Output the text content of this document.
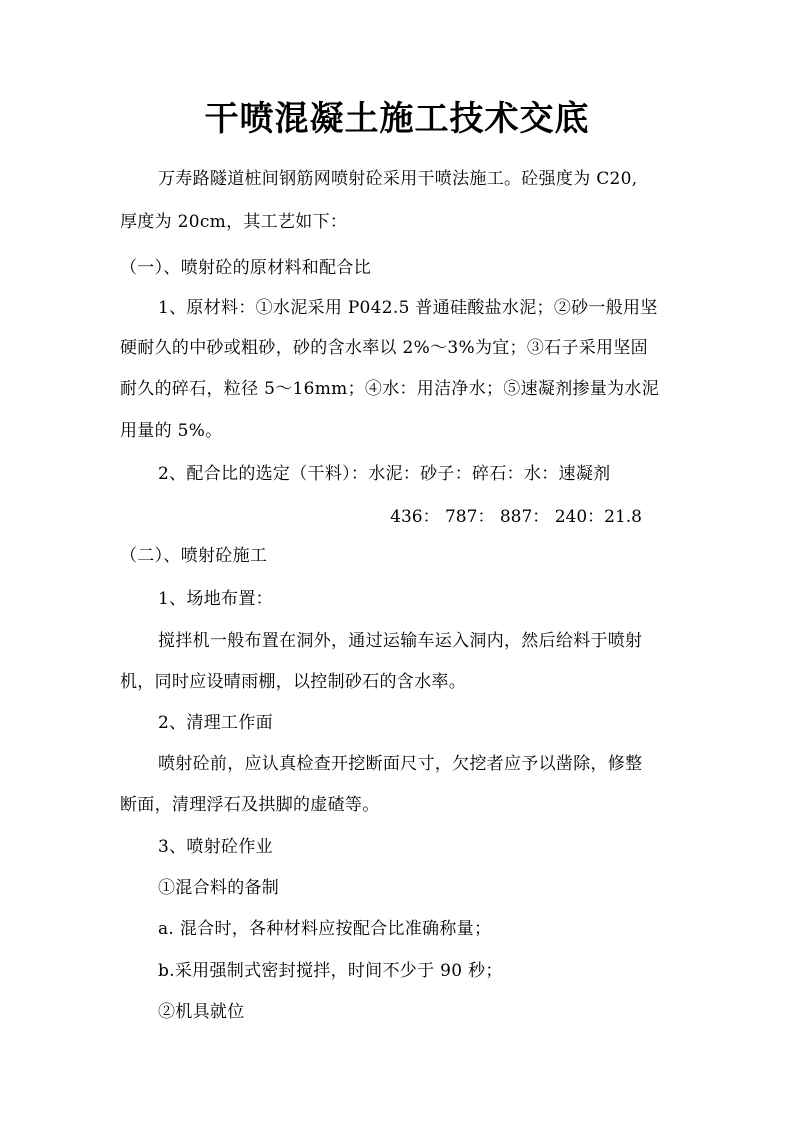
干喷混凝土施工技术交底
万寿路隧道桩间钢筋网喷射砼采用干喷法施工。砼强度为 C20,
厚度为 20cm，其工艺如下：
（一）、喷射砼的原材料和配合比
1、原材料：①水泥采用 P042.5 普通硅酸盐水泥；②砂一般用坚
硬耐久的中砂或粗砂，砂的含水率以 2%～3%为宜；③石子采用坚固
耐久的碎石，粒径 5～16mm；④水：用洁净水；⑤速凝剂掺量为水泥
用量的 5%。
2、配合比的选定（干料）：水泥：砂子：碎石：水：速凝剂
436： 787： 887： 240：21.8
（二）、喷射砼施工
1、场地布置：
搅拌机一般布置在洞外，通过运输车运入洞内，然后给料于喷射
机，同时应设晴雨棚，以控制砂石的含水率。
2、清理工作面
喷射砼前，应认真检查开挖断面尺寸，欠挖者应予以凿除，修整
断面，清理浮石及拱脚的虚碴等。
3、喷射砼作业
①混合料的备制
a. 混合时，各种材料应按配合比准确称量；
b.采用强制式密封搅拌，时间不少于 90 秒；
②机具就位
